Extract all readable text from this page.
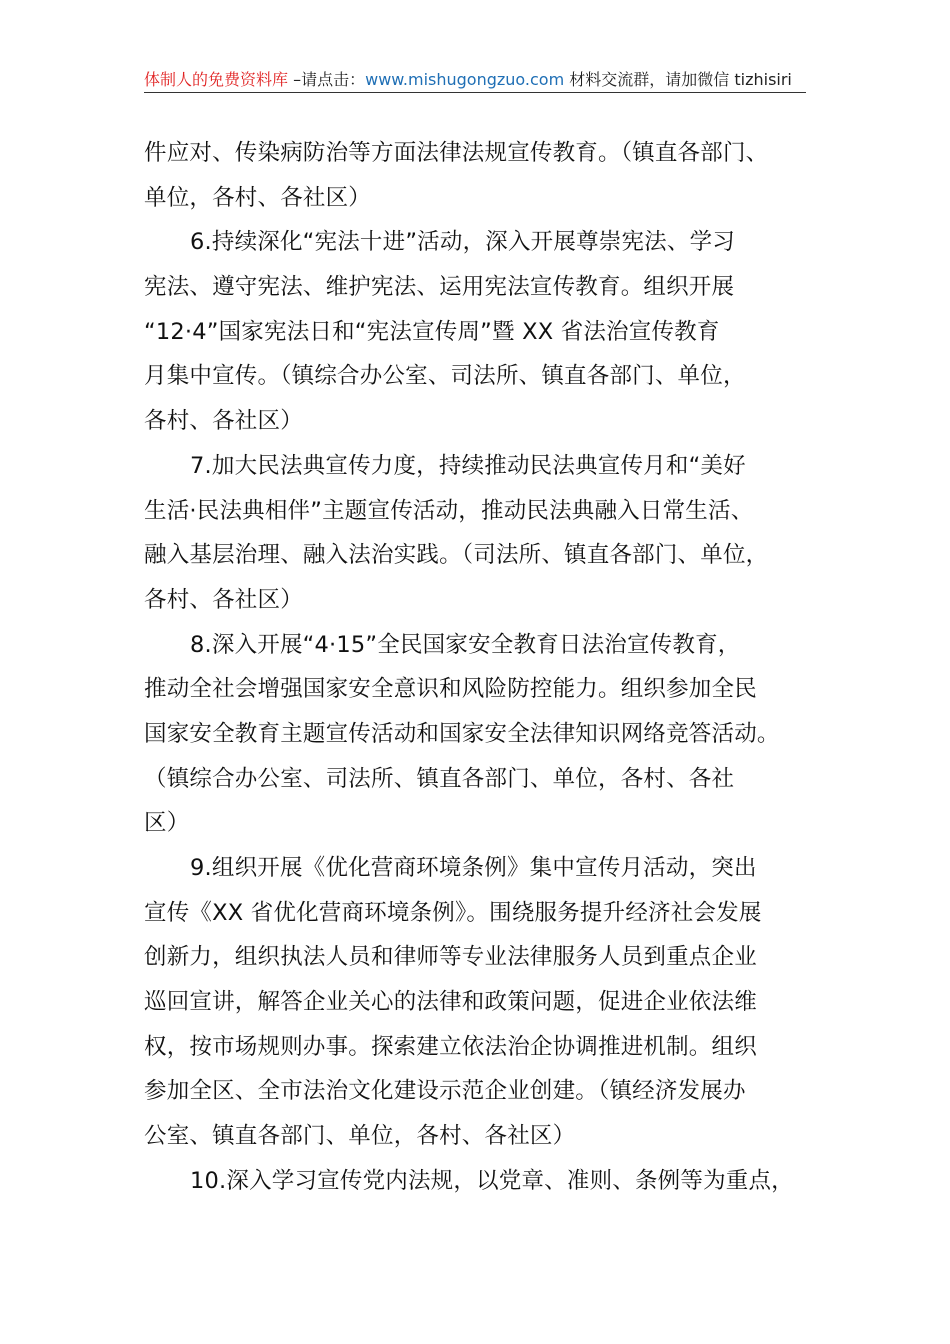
体制人的免费资料库 –请点击：www.mishugongzuo.com 材料交流群，请加微信 tizhisiri
件应对、传染病防治等方面法律法规宣传教育。（镇直各部门、
单位，各村、各社区）
6.持续深化“宪法十进”活动，深入开展尊崇宪法、学习
宪法、遵守宪法、维护宪法、运用宪法宣传教育。组织开展
“12·4”国家宪法日和“宪法宣传周”暨 XX 省法治宣传教育
月集中宣传。（镇综合办公室、司法所、镇直各部门、单位，
各村、各社区）
7.加大民法典宣传力度，持续推动民法典宣传月和“美好
生活·民法典相伴”主题宣传活动，推动民法典融入日常生活、
融入基层治理、融入法治实践。（司法所、镇直各部门、单位，
各村、各社区）
8.深入开展“4·15”全民国家安全教育日法治宣传教育，
推动全社会增强国家安全意识和风险防控能力。组织参加全民
国家安全教育主题宣传活动和国家安全法律知识网络竞答活动。
（镇综合办公室、司法所、镇直各部门、单位，各村、各社
区）
9.组织开展《优化营商环境条例》集中宣传月活动，突出
宣传《XX 省优化营商环境条例》。围绕服务提升经济社会发展
创新力，组织执法人员和律师等专业法律服务人员到重点企业
巡回宣讲，解答企业关心的法律和政策问题，促进企业依法维
权，按市场规则办事。探索建立依法治企协调推进机制。组织
参加全区、全市法治文化建设示范企业创建。（镇经济发展办
公室、镇直各部门、单位，各村、各社区）
10.深入学习宣传党内法规，以党章、准则、条例等为重点，
